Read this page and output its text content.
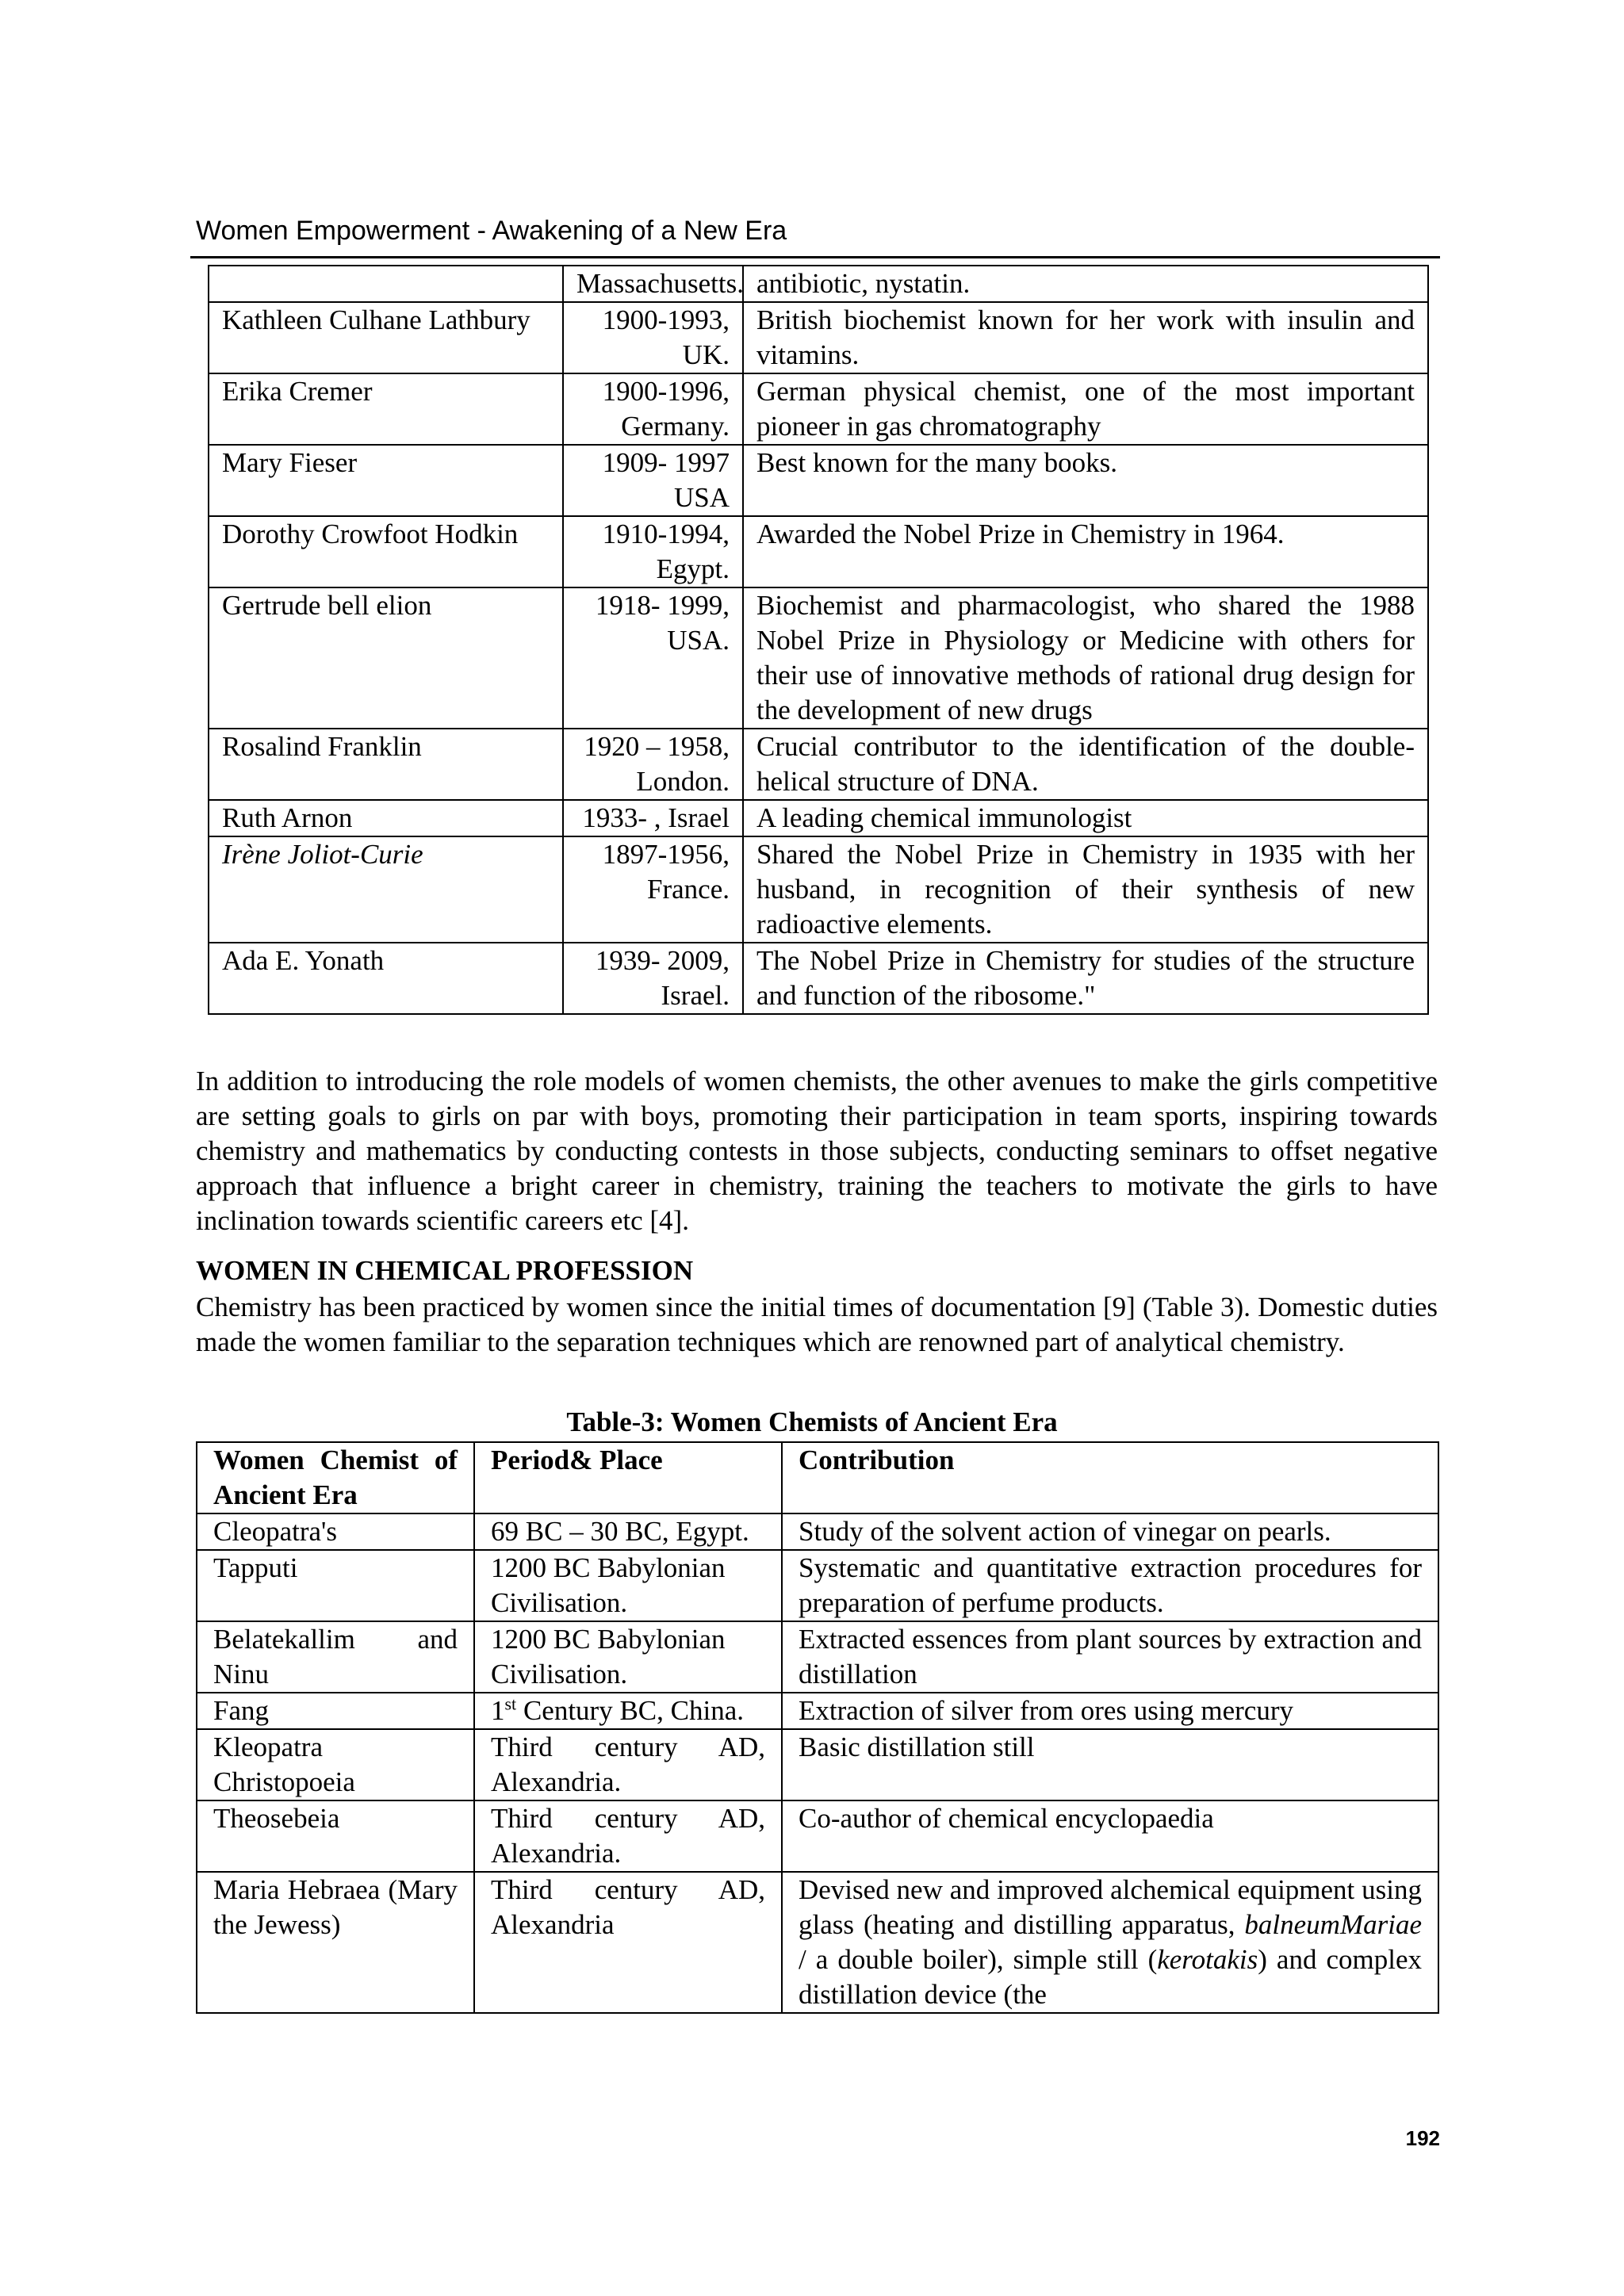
Women Empowerment - Awakening of a New Era
	Massachusetts.	antibiotic, nystatin.
Kathleen Culhane Lathbury	1900-1993, UK.	British biochemist known for her work with insulin and vitamins.
Erika Cremer	1900-1996, Germany.	German physical chemist, one of the most important pioneer in gas chromatography
Mary Fieser	1909- 1997 USA	Best known for the many books.
Dorothy Crowfoot Hodkin	1910-1994, Egypt.	Awarded the Nobel Prize in Chemistry in 1964.
Gertrude bell elion	1918- 1999, USA.	Biochemist and pharmacologist, who shared the 1988 Nobel Prize in Physiology or Medicine with others for their use of innovative methods of rational drug design for the development of new drugs
Rosalind Franklin	1920 – 1958, London.	Crucial contributor to the identification of the double-helical structure of DNA.
Ruth Arnon	1933- , Israel	A leading chemical immunologist
Irène Joliot-Curie	1897-1956, France.	Shared the Nobel Prize in Chemistry in 1935 with her husband, in recognition of their synthesis of new radioactive elements.
Ada E. Yonath	1939- 2009, Israel.	The Nobel Prize in Chemistry for studies of the structure and function of the ribosome."
In addition to introducing the role models of women chemists, the other avenues to make the girls competitive are setting goals to girls on par with boys, promoting their participation in team sports, inspiring towards chemistry and mathematics by conducting contests in those subjects, conducting seminars to offset negative approach that influence a bright career in chemistry, training the teachers to motivate the girls to have inclination towards scientific careers etc [4].
WOMEN IN CHEMICAL PROFESSION
Chemistry has been practiced by women since the initial times of documentation [9] (Table 3). Domestic duties made the women familiar to the separation techniques which are renowned part of analytical chemistry.
Table-3: Women Chemists of Ancient Era
Women Chemist of Ancient Era	Period& Place	Contribution
Cleopatra's	69 BC – 30 BC, Egypt.	Study of the solvent action of vinegar on pearls.
Tapputi	1200 BC Babylonian Civilisation.	Systematic and quantitative extraction procedures for preparation of perfume products.
Belatekallim and Ninu	1200 BC Babylonian Civilisation.	Extracted essences from plant sources by extraction and distillation
Fang	1st Century BC, China.	Extraction of silver from ores using mercury
Kleopatra Christopoeia	Third century AD, Alexandria.	Basic distillation still
Theosebeia	Third century AD, Alexandria.	Co-author of chemical encyclopaedia
Maria Hebraea (Mary the Jewess)	Third century AD, Alexandria	Devised new and improved alchemical equipment using glass (heating and distilling apparatus, balneumMariae / a double boiler), simple still (kerotakis) and complex distillation device (the
192
